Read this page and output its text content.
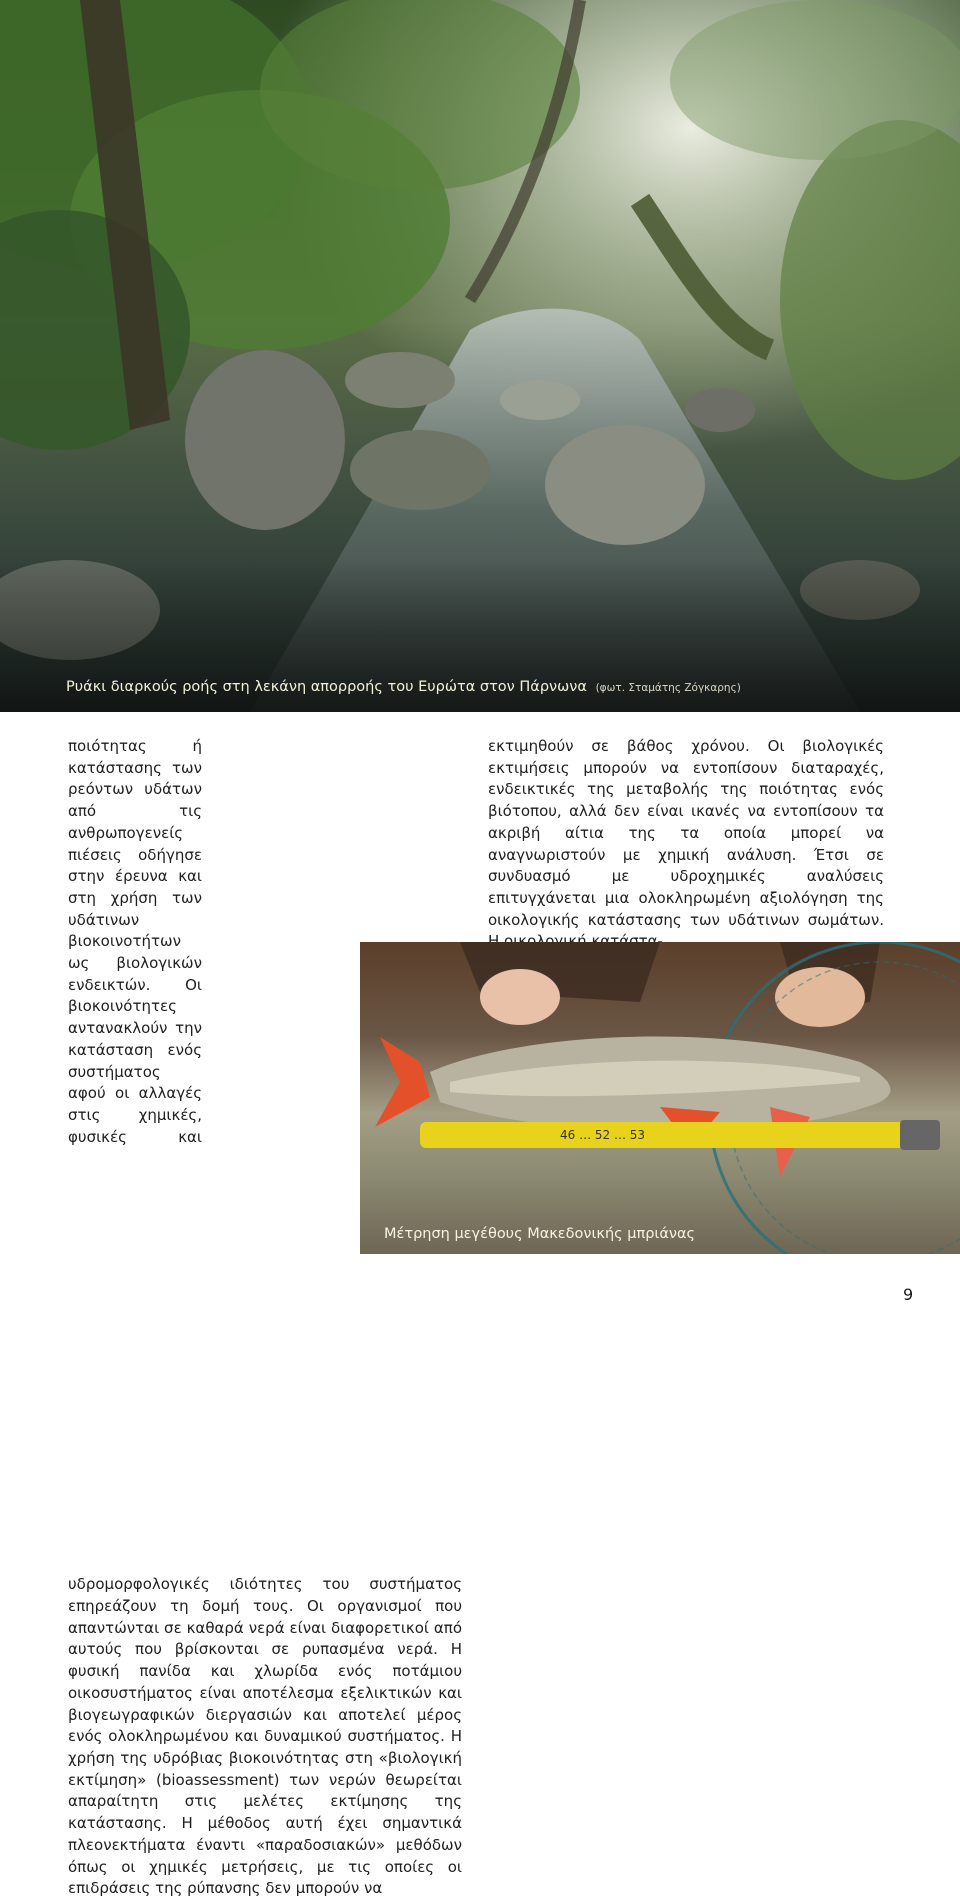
Ρυάκι διαρκούς ροής στη λεκάνη απορροής του Ευρώτα στον Πάρνωνα (φωτ. Σταμάτης Ζόγκαρης)

ποιότητας ή κατάστασης των ρεόντων υδάτων από τις ανθρωπογενείς πιέσεις οδήγησε στην έρευνα και στη χρήση των υδάτινων βιοκοινοτήτων ως βιολογικών ενδεικτών. Οι βιοκοινότητες αντανακλούν την κατάσταση ενός συστήματος αφού οι αλλαγές στις χημικές, φυσικές και υδρομορφολογικές ιδιότητες του συστήματος επηρεάζουν τη δομή τους. Οι οργανισμοί που απαντώνται σε καθαρά νερά είναι διαφορετικοί από αυτούς που βρίσκονται σε ρυπασμένα νερά. Η φυσική πανίδα και χλωρίδα ενός ποτάμιου οικοσυστήματος είναι αποτέλεσμα εξελικτικών και βιογεωγραφικών διεργασιών και αποτελεί μέρος ενός ολοκληρωμένου και δυναμικού συστήματος. Η χρήση της υδρόβιας βιοκοινότητας στη «βιολογική εκτίμηση» (bioassessment) των νερών θεωρείται απαραίτητη στις μελέτες εκτίμησης της κατάστασης. Η μέθοδος αυτή έχει σημαντικά πλεονεκτήματα έναντι «παραδοσιακών» μεθόδων όπως οι χημικές μετρήσεις, με τις οποίες οι επιδράσεις της ρύπανσης δεν μπορούν να

εκτιμηθούν σε βάθος χρόνου. Οι βιολογικές εκτιμήσεις μπορούν να εντοπίσουν διαταραχές, ενδεικτικές της μεταβολής της ποιότητας ενός βιότοπου, αλλά δεν είναι ικανές να εντοπίσουν τα ακριβή αίτια της τα οποία μπορεί να αναγνωριστούν με χημική ανάλυση. Έτσι σε συνδυασμό με υδροχημικές αναλύσεις επιτυγχάνεται μια ολοκληρωμένη αξιολόγηση της οικολογικής κατάστασης των υδάτινων σωμάτων.

46 … 52 … 53
Μέτρηση μεγέθους Μακεδονικής μπριάνας
9
